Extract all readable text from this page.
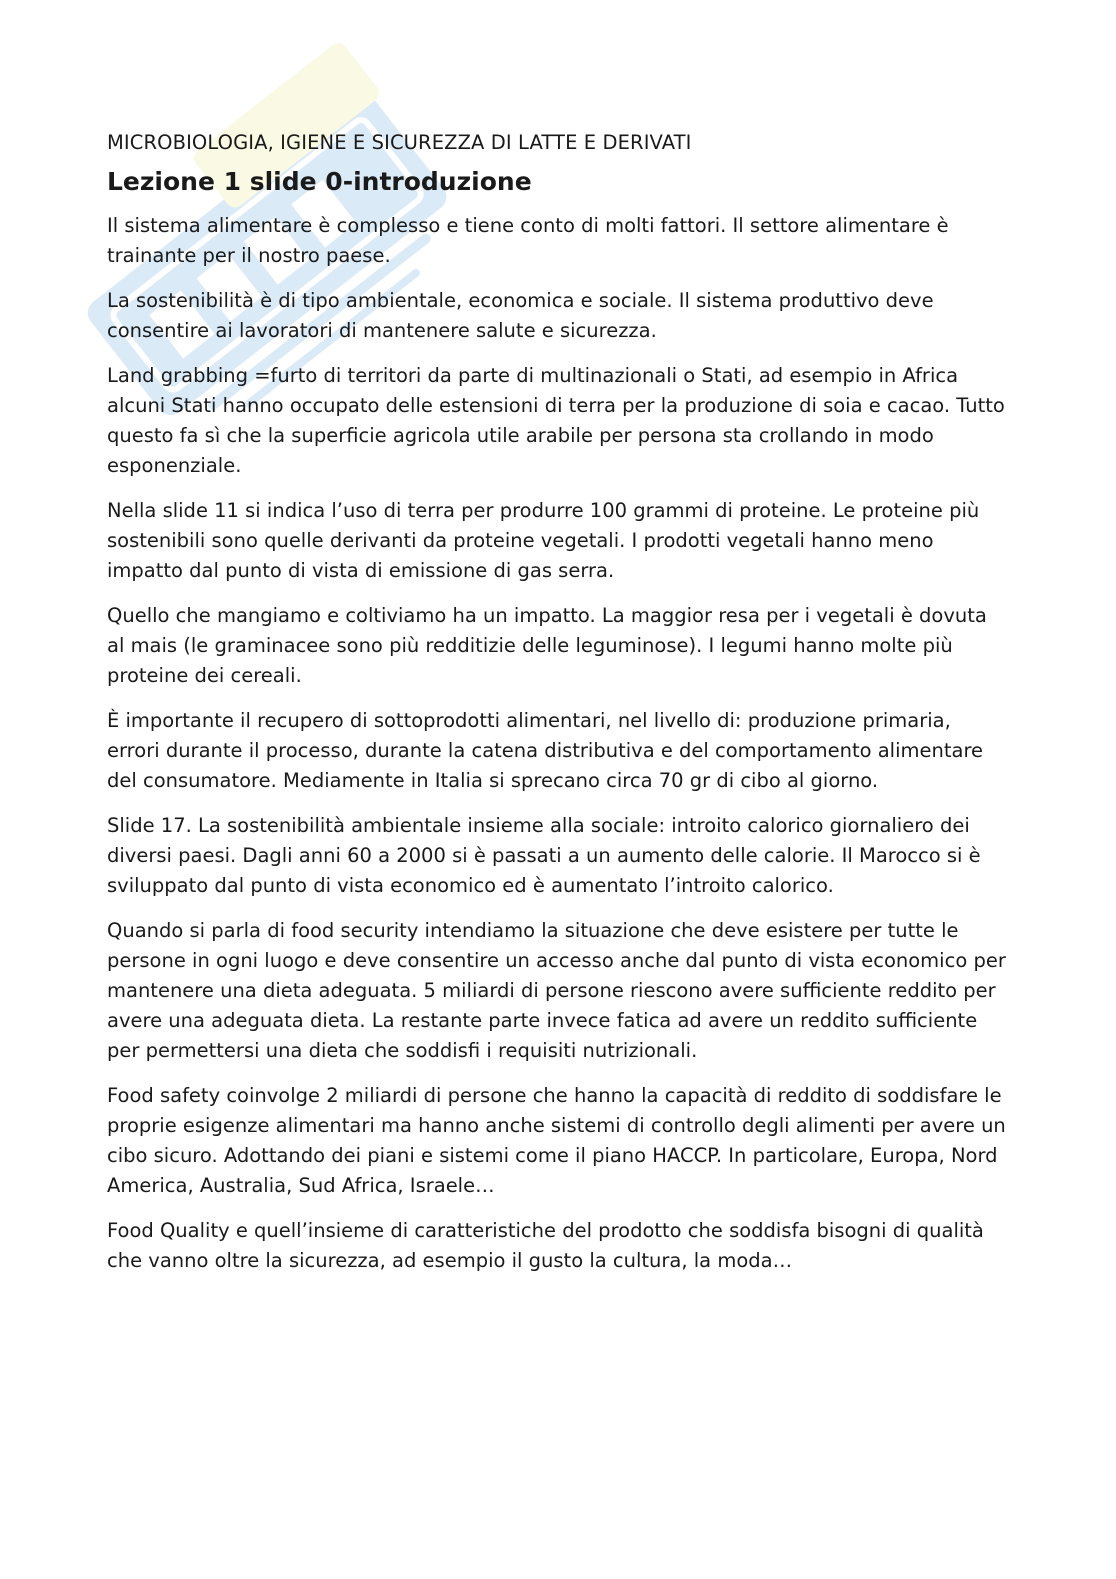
MICROBIOLOGIA, IGIENE E SICUREZZA DI LATTE E DERIVATI
Lezione 1 slide 0-introduzione

Il sistema alimentare è complesso e tiene conto di molti fattori. Il settore alimentare è trainante per il nostro paese.

La sostenibilità è di tipo ambientale, economica e sociale. Il sistema produttivo deve consentire ai lavoratori di mantenere salute e sicurezza.

Land grabbing =furto di territori da parte di multinazionali o Stati, ad esempio in Africa alcuni Stati hanno occupato delle estensioni di terra per la produzione di soia e cacao. Tutto questo fa sì che la superficie agricola utile arabile per persona sta crollando in modo esponenziale.

Nella slide 11 si indica l’uso di terra per produrre 100 grammi di proteine. Le proteine più sostenibili sono quelle derivanti da proteine vegetali. I prodotti vegetali hanno meno impatto dal punto di vista di emissione di gas serra.

Quello che mangiamo e coltiviamo ha un impatto. La maggior resa per i vegetali è dovuta al mais (le graminacee sono più redditizie delle leguminose). I legumi hanno molte più proteine dei cereali.

È importante il recupero di sottoprodotti alimentari, nel livello di: produzione primaria, errori durante il processo, durante la catena distributiva e del comportamento alimentare del consumatore. Mediamente in Italia si sprecano circa 70 gr di cibo al giorno.

Slide 17. La sostenibilità ambientale insieme alla sociale: introito calorico giornaliero dei diversi paesi. Dagli anni 60 a 2000 si è passati a un aumento delle calorie. Il Marocco si è sviluppato dal punto di vista economico ed è aumentato l’introito calorico.

Quando si parla di food security intendiamo la situazione che deve esistere per tutte le persone in ogni luogo e deve consentire un accesso anche dal punto di vista economico per mantenere una dieta adeguata. 5 miliardi di persone riescono avere sufficiente reddito per avere una adeguata dieta. La restante parte invece fatica ad avere un reddito sufficiente per permettersi una dieta che soddisfi i requisiti nutrizionali.

Food safety coinvolge 2 miliardi di persone che hanno la capacità di reddito di soddisfare le proprie esigenze alimentari ma hanno anche sistemi di controllo degli alimenti per avere un cibo sicuro. Adottando dei piani e sistemi come il piano HACCP. In particolare, Europa, Nord America, Australia, Sud Africa, Israele…

Food Quality e quell’insieme di caratteristiche del prodotto che soddisfa bisogni di qualità che vanno oltre la sicurezza, ad esempio il gusto la cultura, la moda…
